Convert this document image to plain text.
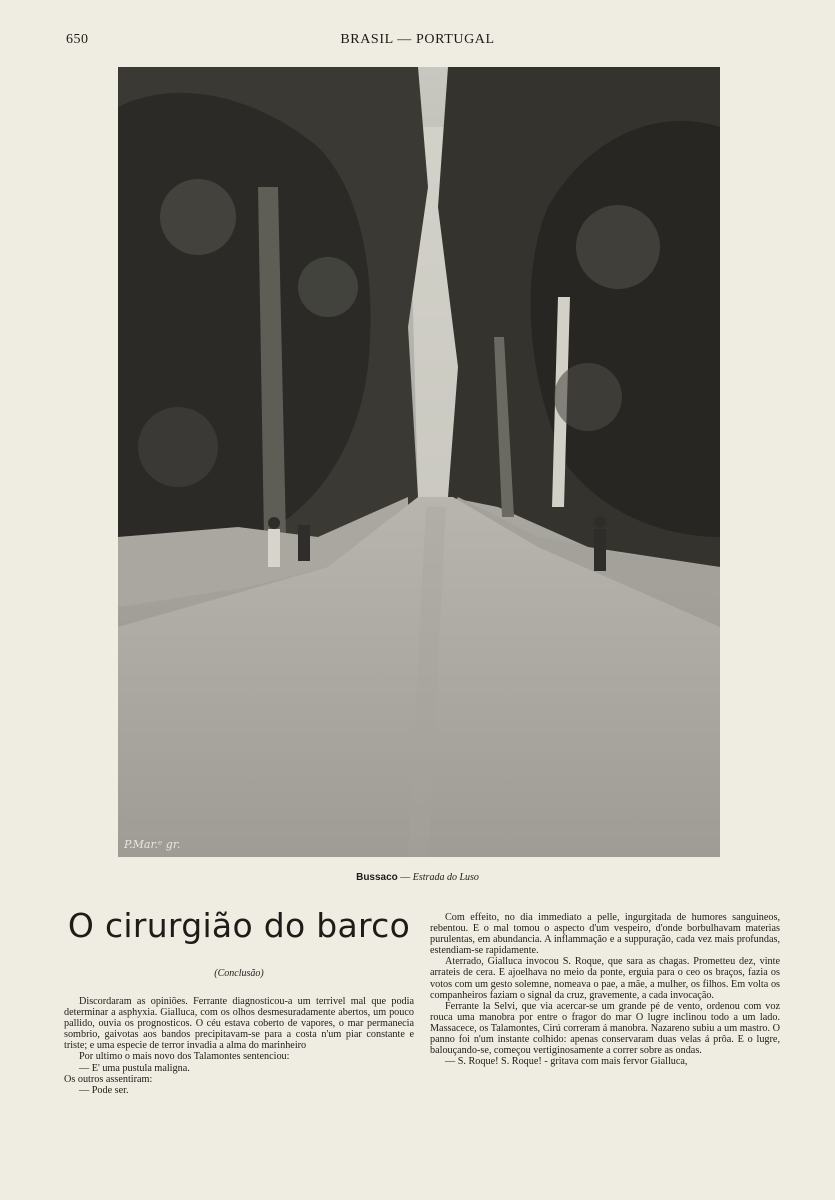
650	BRASIL — PORTUGAL
P.Mar.ᵉ gr.
Bussaco — Estrada do Luso
O cirurgião do barco
(Conclusão)

Discordaram as opiniões. Ferrante diagnosticou-a um terrivel mal que podia determinar a asphyxia. Gialluca, com os olhos desmesuradamente abertos, um pouco pallido, ouvia os prognosticos. O céu estava coberto de vapores, o mar permanecia sombrio, gaivotas aos bandos precipitavam-se para a costa n'um piar constante e triste; e uma especie de terror invadia a alma do marinheiro

Por ultimo o mais novo dos Talamontes sentenciou:

— E' uma pustula maligna.

Os outros assentiram:

— Pode ser.

Com effeito, no dia immediato a pelle, ingurgitada de humores sanguineos, rebentou. E o mal tomou o aspecto d'um vespeiro, d'onde borbulhavam materias purulentas, em abundancia. A inflammação e a suppuração, cada vez mais profundas, estendiam-se rapidamente.

Aterrado, Gialluca invocou S. Roque, que sara as chagas. Prometteu dez, vinte arrateis de cera. E ajoelhava no meio da ponte, erguia para o ceo os braços, fazia os votos com um gesto solemne, nomeava o pae, a mãe, a mulher, os filhos. Em volta os companheiros faziam o signal da cruz, gravemente, a cada invocação.

Ferrante la Selvi, que via acercar-se um grande pé de vento, ordenou com voz rouca uma manobra por entre o fragor do mar O lugre inclinou todo a um lado. Massacece, os Talamontes, Cirú correram á manobra. Nazareno subiu a um mastro. O panno foi n'um instante colhido: apenas conservaram duas velas á prôa. E o lugre, balouçando-se, começou vertiginosamente a correr sobre as ondas.

— S. Roque! S. Roque! - gritava com mais fervor Gialluca,
